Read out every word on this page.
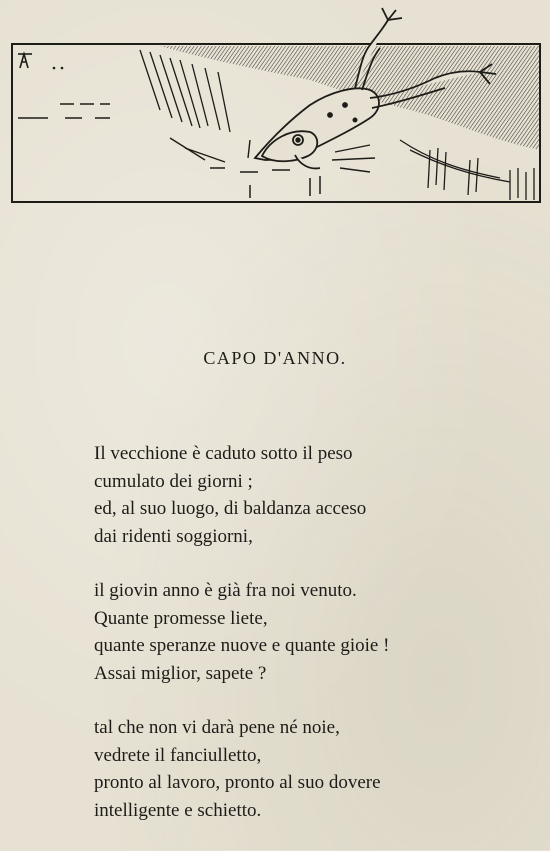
CAPO D'ANNO.
Il vecchione è caduto sotto il peso
cumulato dei giorni ;
ed, al suo luogo, di baldanza acceso
dai ridenti soggiorni,
il giovin anno è già fra noi venuto.
Quante promesse liete,
quante speranze nuove e quante gioie !
Assai miglior, sapete ?
tal che non vi darà pene né noie,
vedrete il fanciulletto,
pronto al lavoro, pronto al suo dovere
intelligente e schietto.
